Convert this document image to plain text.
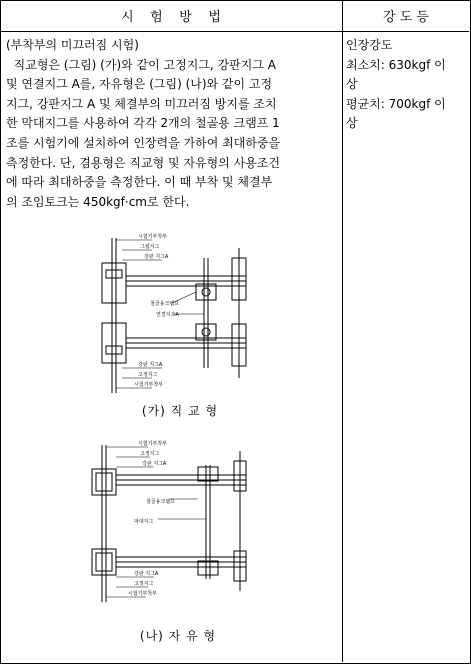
시    험    방    법	강 도 등

(부착부의 미끄러짐 시험)

직교형은 (그림) (가)와 같이 고정지그, 강판지그 A

및 연결지그 A를, 자유형은 (그림) (나)와 같이 고정

지그, 강판지그 A 및 체결부의 미끄러짐 방지를 조치

한 막대지그를 사용하여 각각 2개의 철골용 크램프 1

조를 시험기에 설치하여 인장력을 가하여 최대하중을

측정한다. 단, 겸용형은 직교형 및 자유형의 사용조건

에 따라 최대하중을 측정한다. 이 때 부착 및 체결부

의 조임토크는 450kgf·cm로 한다.

인장강도
최소치: 630kgf 이
상
평균치: 700kgf 이
상
시험기부착부
그립지그
강판 지그A
철골용크램프
연결지그A
강판 지그A
고정지그
시험기부착부
(가) 직 교 형
시험기부착부
고정지그
강판 지그A
철골용크램프
막대지그
강판 지그A
고정지그
시험기부착부
(나) 자 유 형
